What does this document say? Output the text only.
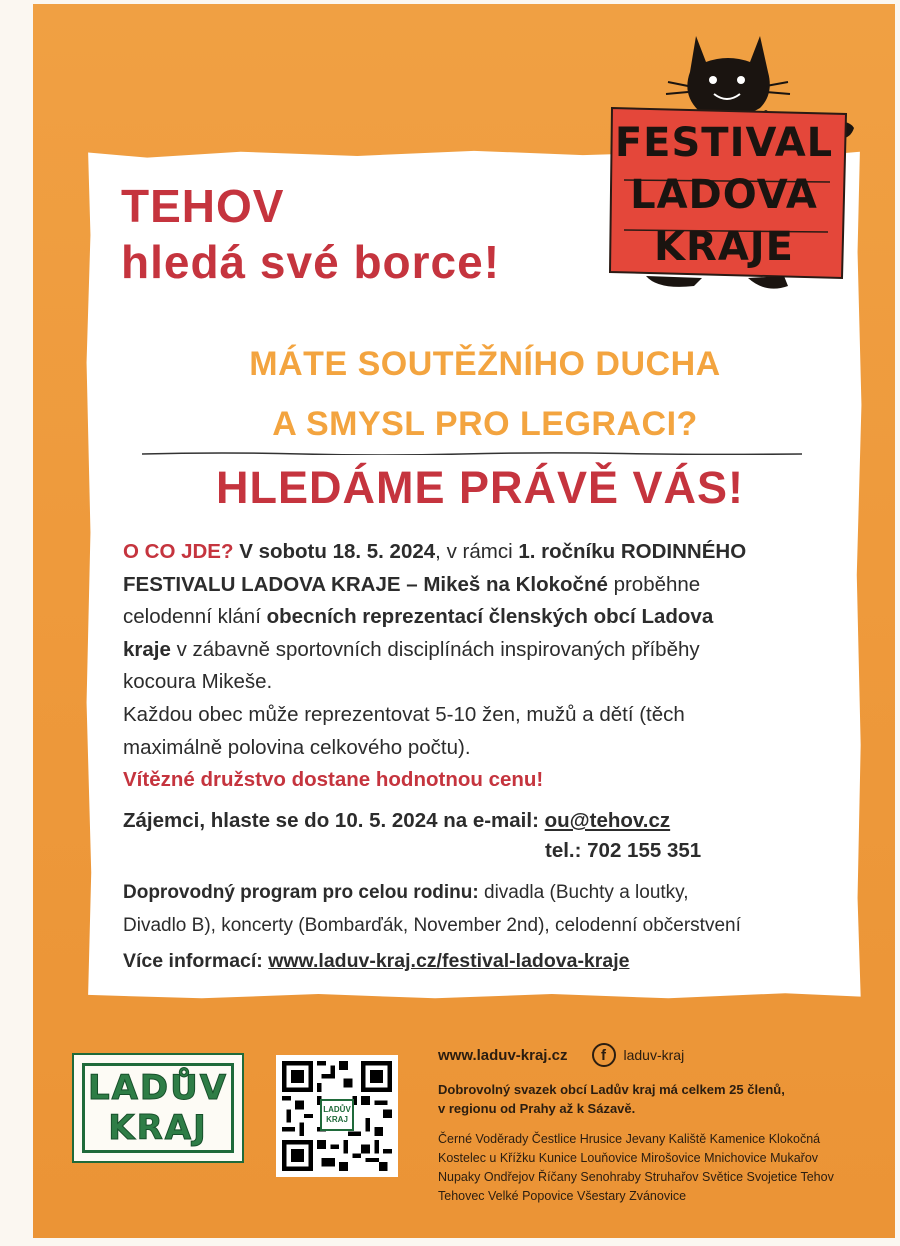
TEHOV
hledá své borce!
FESTIVAL
LADOVA
KRAJE
MÁTE SOUTĚŽNÍHO DUCHA
A SMYSL PRO LEGRACI?
HLEDÁME PRÁVĚ VÁS!

O CO JDE? V sobotu 18. 5. 2024, v rámci 1. ročníku RODINNÉHO

FESTIVALU LADOVA KRAJE – Mikeš na Klokočné proběhne

celodenní klání obecních reprezentací členských obcí Ladova

kraje v zábavně sportovních disciplínách inspirovaných příběhy

kocoura Mikeše.

Každou obec může reprezentovat 5-10 žen, mužů a dětí (těch

maximálně polovina celkového počtu).

Vítězné družstvo dostane hodnotnou cenu!

Zájemci, hlaste se do 10. 5. 2024 na e-mail: ou@tehov.cz

tel.: 702 155 351

Doprovodný program pro celou rodinu: divadla (Buchty a loutky,

Divadlo B), koncerty (Bombarďák, November 2nd), celodenní občerstvení

Více informací: www.laduv-kraj.cz/festival-ladova-kraje
LADŮV
KRAJ	LADŮV KRAJ
www.laduv-kraj.cz	f	laduv-kraj

Dobrovolný svazek obcí Ladův kraj má celkem 25 členů,

v regionu od Prahy až k Sázavě.

Černé Voděrady Čestlice Hrusice Jevany Kaliště Kamenice Klokočná

Kostelec u Křížku Kunice Louňovice Mirošovice Mnichovice Mukařov

Nupaky Ondřejov Říčany Senohraby Struhařov Světice Svojetice Tehov

Tehovec Velké Popovice Všestary Zvánovice
